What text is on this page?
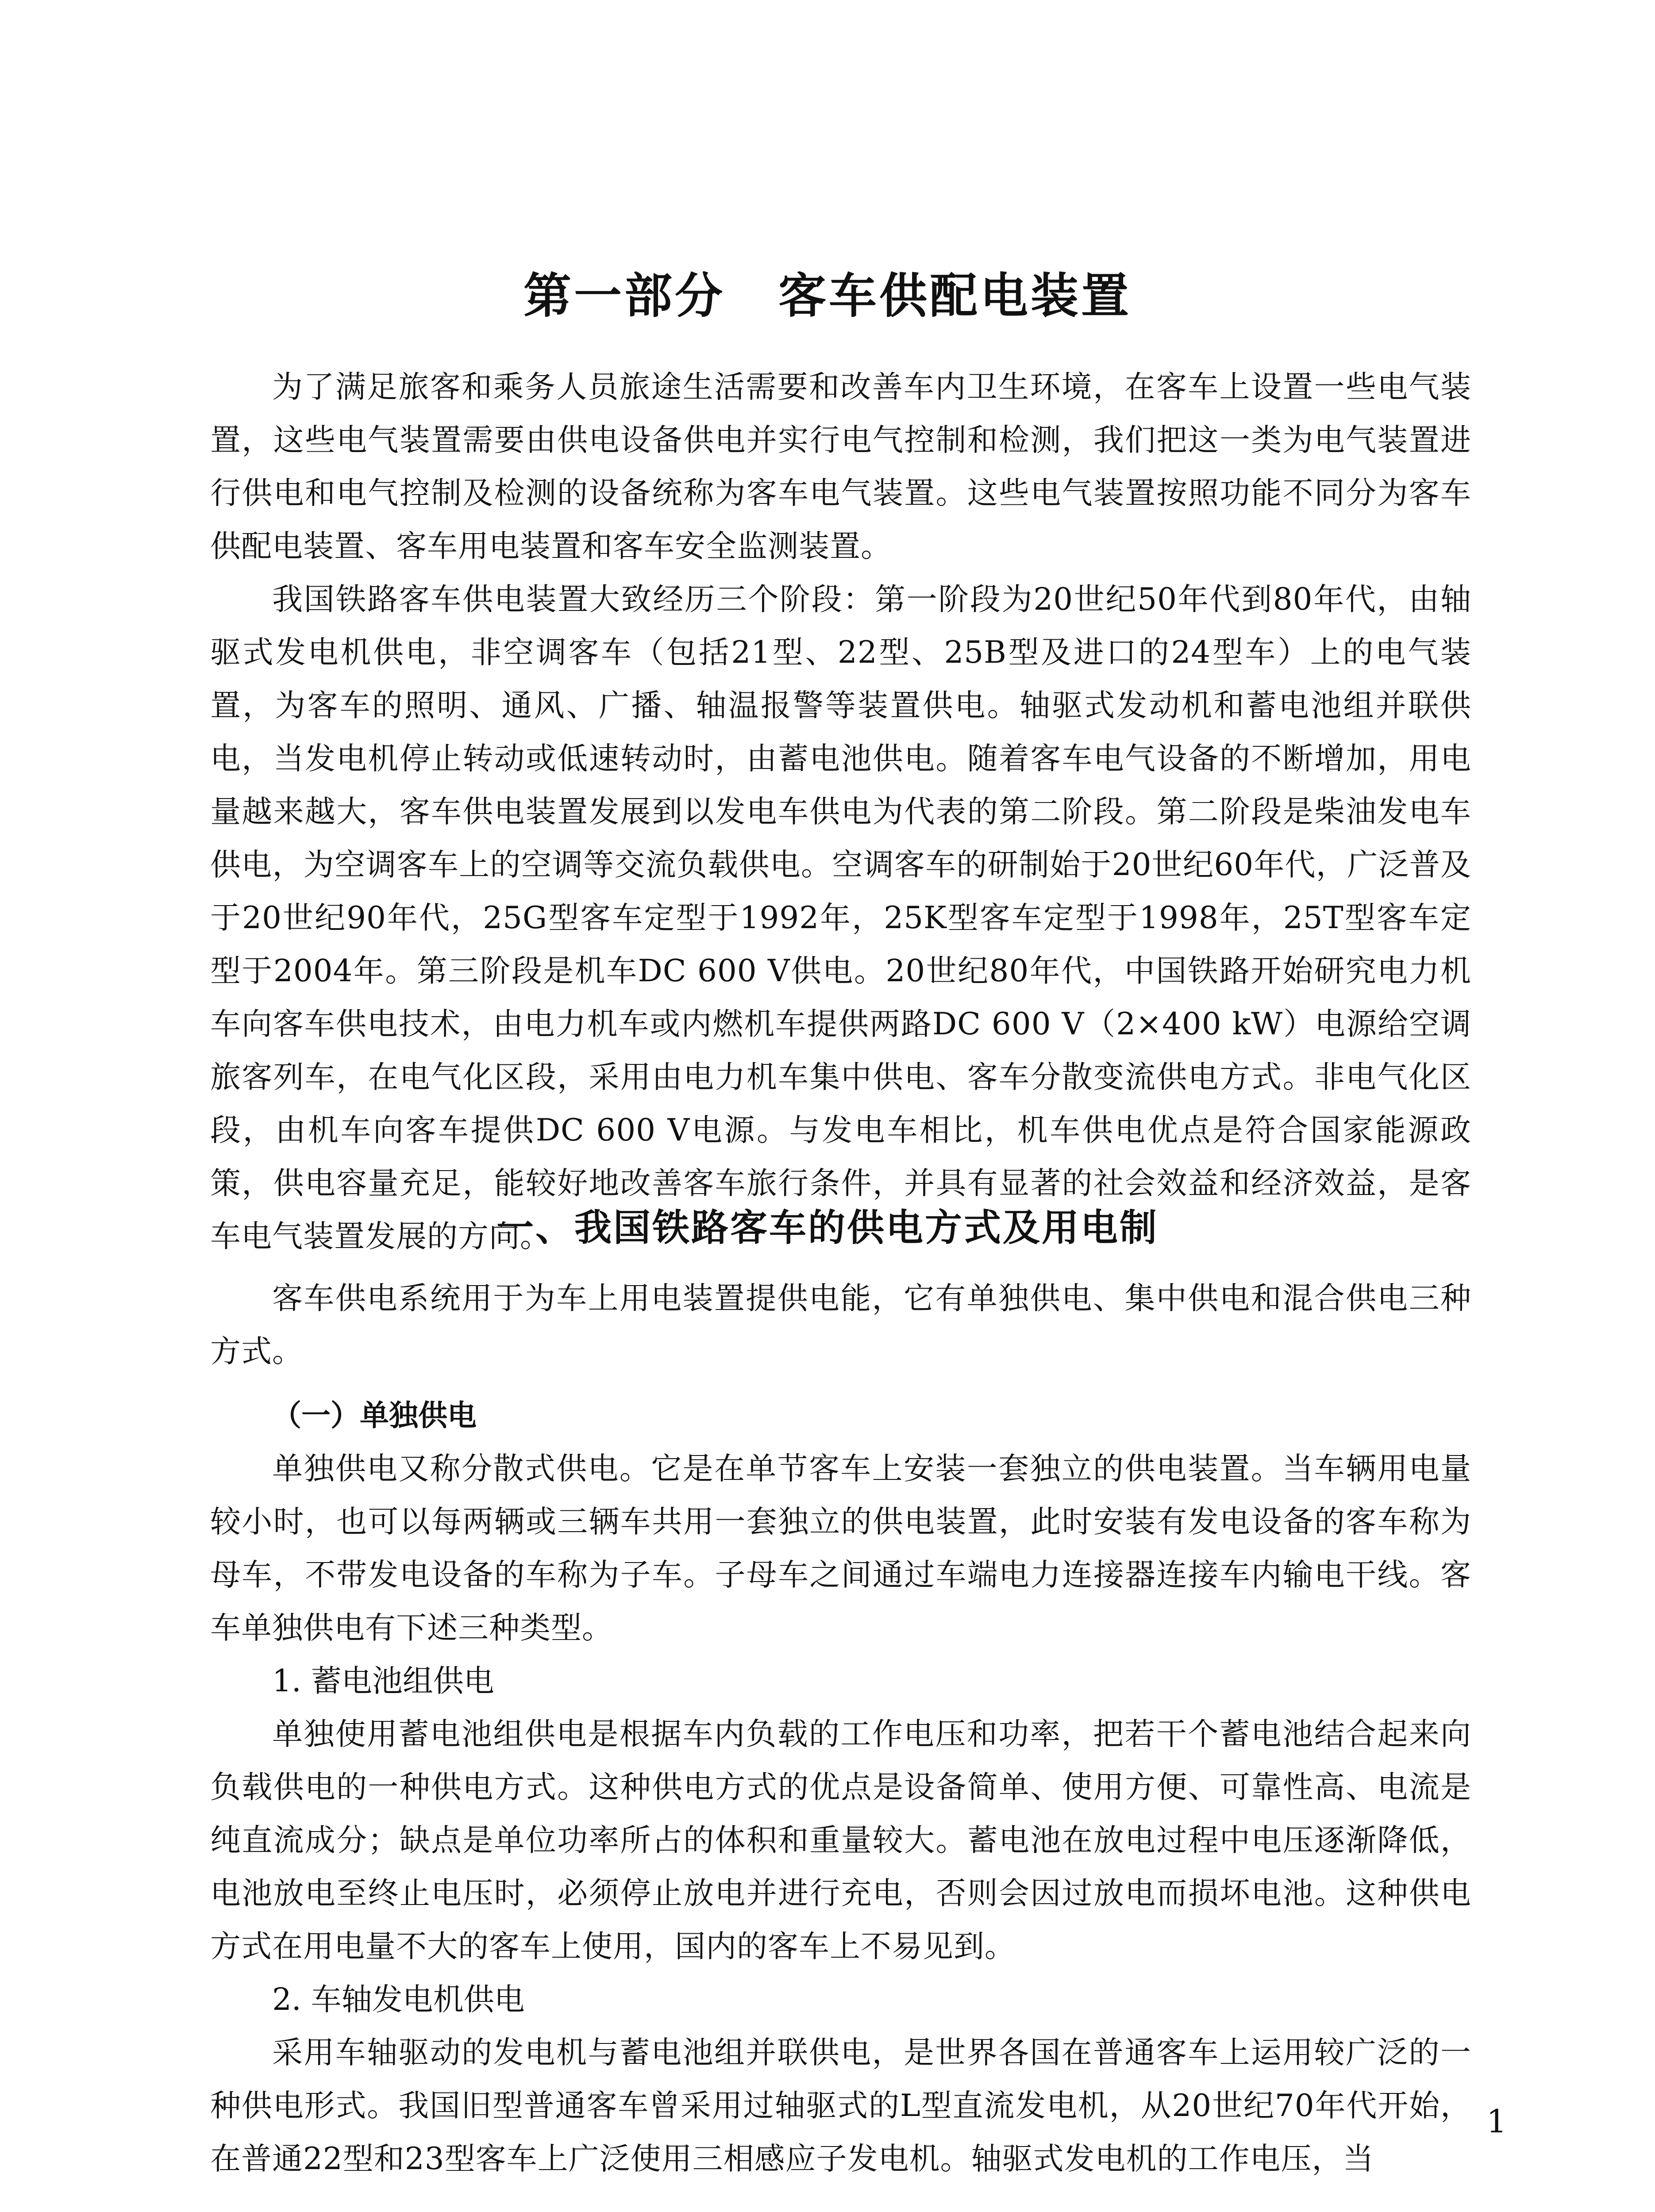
第一部分 客车供配电装置

为了满足旅客和乘务人员旅途生活需要和改善车内卫生环境，在客车上设置一些电气装置，这些电气装置需要由供电设备供电并实行电气控制和检测，我们把这一类为电气装置进行供电和电气控制及检测的设备统称为客车电气装置。这些电气装置按照功能不同分为客车供配电装置、客车用电装置和客车安全监测装置。

我国铁路客车供电装置大致经历三个阶段：第一阶段为20世纪50年代到80年代，由轴驱式发电机供电，非空调客车（包括21型、22型、25B型及进口的24型车）上的电气装置，为客车的照明、通风、广播、轴温报警等装置供电。轴驱式发动机和蓄电池组并联供电，当发电机停止转动或低速转动时，由蓄电池供电。随着客车电气设备的不断增加，用电量越来越大，客车供电装置发展到以发电车供电为代表的第二阶段。第二阶段是柴油发电车供电，为空调客车上的空调等交流负载供电。空调客车的研制始于20世纪60年代，广泛普及于20世纪90年代，25G型客车定型于1992年，25K型客车定型于1998年，25T型客车定型于2004年。第三阶段是机车DC 600 V供电。20世纪80年代，中国铁路开始研究电力机车向客车供电技术，由电力机车或内燃机车提供两路DC 600 V（2×400 kW）电源给空调旅客列车，在电气化区段，采用由电力机车集中供电、客车分散变流供电方式。非电气化区段，由机车向客车提供DC 600 V电源。与发电车相比，机车供电优点是符合国家能源政策，供电容量充足，能较好地改善客车旅行条件，并具有显著的社会效益和经济效益，是客车电气装置发展的方向。

一、我国铁路客车的供电方式及用电制

客车供电系统用于为车上用电装置提供电能，它有单独供电、集中供电和混合供电三种方式。

（一）单独供电

单独供电又称分散式供电。它是在单节客车上安装一套独立的供电装置。当车辆用电量较小时，也可以每两辆或三辆车共用一套独立的供电装置，此时安装有发电设备的客车称为母车，不带发电设备的车称为子车。子母车之间通过车端电力连接器连接车内输电干线。客车单独供电有下述三种类型。

1. 蓄电池组供电

单独使用蓄电池组供电是根据车内负载的工作电压和功率，把若干个蓄电池结合起来向负载供电的一种供电方式。这种供电方式的优点是设备简单、使用方便、可靠性高、电流是纯直流成分；缺点是单位功率所占的体积和重量较大。蓄电池在放电过程中电压逐渐降低，电池放电至终止电压时，必须停止放电并进行充电，否则会因过放电而损坏电池。这种供电方式在用电量不大的客车上使用，国内的客车上不易见到。

2. 车轴发电机供电

采用车轴驱动的发电机与蓄电池组并联供电，是世界各国在普通客车上运用较广泛的一种供电形式。我国旧型普通客车曾采用过轴驱式的L型直流发电机，从20世纪70年代开始，在普通22型和23型客车上广泛使用三相感应子发电机。轴驱式发电机的工作电压，当

1
